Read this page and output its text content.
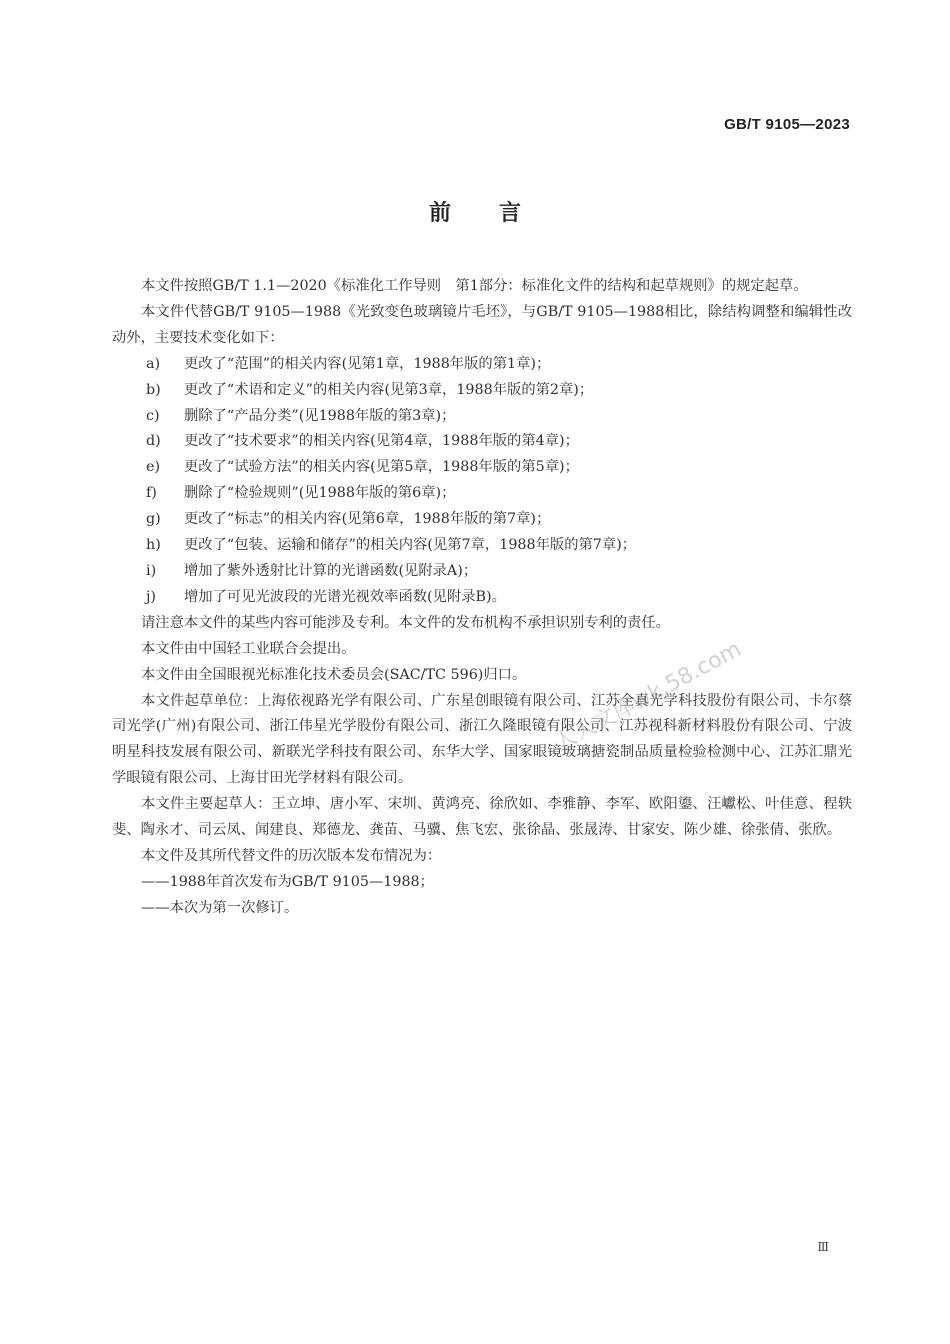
GB/T 9105—2023
前言

本文件按照GB/T 1.1—2020《标准化工作导则　第1部分：标准化文件的结构和起草规则》的规定起草。

本文件代替GB/T 9105—1988《光致变色玻璃镜片毛坯》，与GB/T 9105—1988相比，除结构调整和编辑性改动外，主要技术变化如下：

a) 更改了“范围”的相关内容(见第1章，1988年版的第1章)；

b) 更改了“术语和定义”的相关内容(见第3章，1988年版的第2章)；

c) 删除了“产品分类”(见1988年版的第3章)；

d) 更改了“技术要求”的相关内容(见第4章，1988年版的第4章)；

e) 更改了“试验方法”的相关内容(见第5章，1988年版的第5章)；

f) 删除了“检验规则”(见1988年版的第6章)；

g) 更改了“标志”的相关内容(见第6章，1988年版的第7章)；

h) 更改了“包装、运输和储存”的相关内容(见第7章，1988年版的第7章)；

i) 增加了紫外透射比计算的光谱函数(见附录A)；

j) 增加了可见光波段的光谱光视效率函数(见附录B)。

请注意本文件的某些内容可能涉及专利。本文件的发布机构不承担识别专利的责任。

本文件由中国轻工业联合会提出。

本文件由全国眼视光标准化技术委员会(SAC/TC 596)归口。

本文件起草单位：上海依视路光学有限公司、广东星创眼镜有限公司、江苏全真光学科技股份有限公司、卡尔蔡司光学(广州)有限公司、浙江伟星光学股份有限公司、浙江久隆眼镜有限公司、江苏视科新材料股份有限公司、宁波明星科技发展有限公司、新联光学科技有限公司、东华大学、国家眼镜玻璃搪瓷制品质量检验检测中心、江苏汇鼎光学眼镜有限公司、上海甘田光学材料有限公司。

本文件主要起草人：王立坤、唐小军、宋圳、黄鸿亮、徐欣如、李雅静、李军、欧阳鎏、汪巘松、叶佳意、程轶斐、陶永才、司云凤、闻建良、郑德龙、龚苗、马骥、焦飞宏、张徐晶、张晟涛、甘家安、陈少雄、徐张倩、张欣。

本文件及其所代替文件的历次版本发布情况为：

——1988年首次发布为GB/T 9105—1988；

——本次为第一次修订。

人人文库wk.58.com
Ⅲ
